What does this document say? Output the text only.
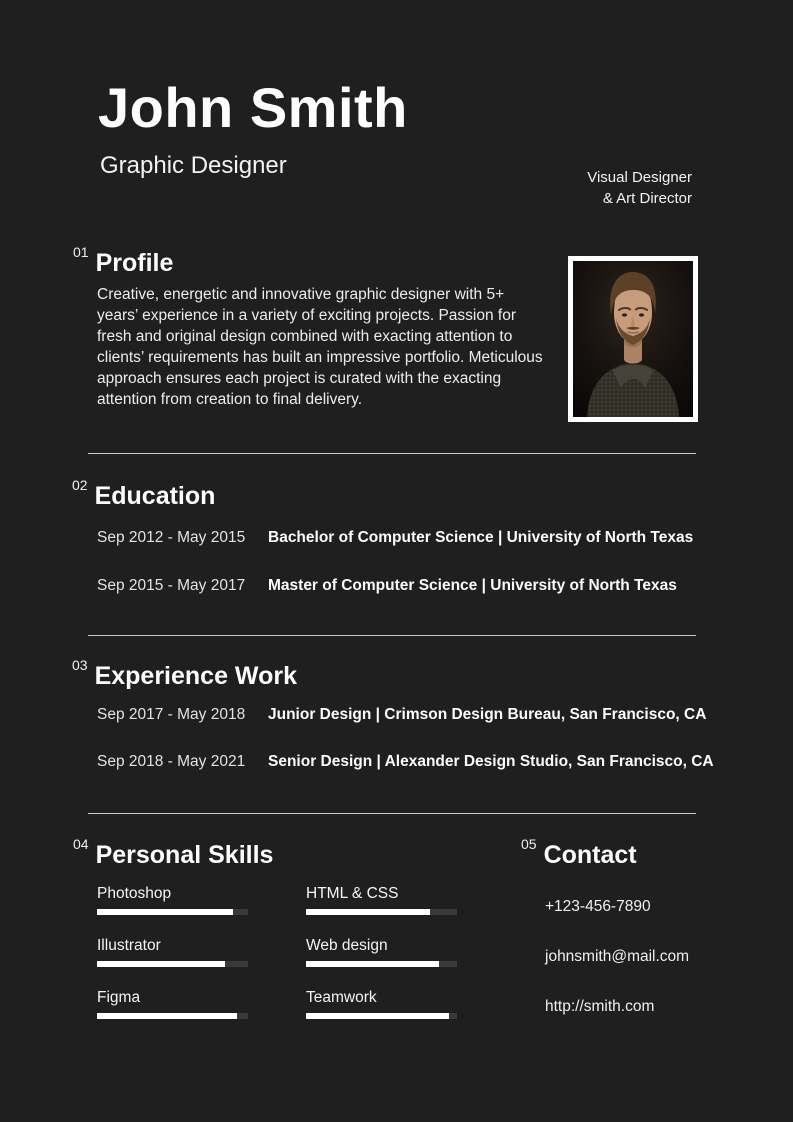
John Smith
Graphic Designer	Visual Designer
& Art Director
01 Profile

Creative, energetic and innovative graphic designer with 5+ years’ experience in a variety of exciting projects. Passion for fresh and original design combined with exacting attention to clients’ requirements has built an impressive portfolio. Meticulous approach ensures each project is curated with the exacting attention from creation to final delivery.

02 Education
Sep 2012 - May 2015	Bachelor of Computer Science | University of North Texas
Sep 2015 - May 2017	Master of Computer Science | University of North Texas
03 Experience Work
Sep 2017 - May 2018	Junior Design | Crimson Design Bureau, San Francisco, CA
Sep 2018 - May 2021	Senior Design | Alexander Design Studio, San Francisco, CA
04 Personal Skills
Photoshop	HTML & CSS
Illustrator	Web design
Figma	Teamwork
05 Contact
+123-456-7890
johnsmith@mail.com
http://smith.com
